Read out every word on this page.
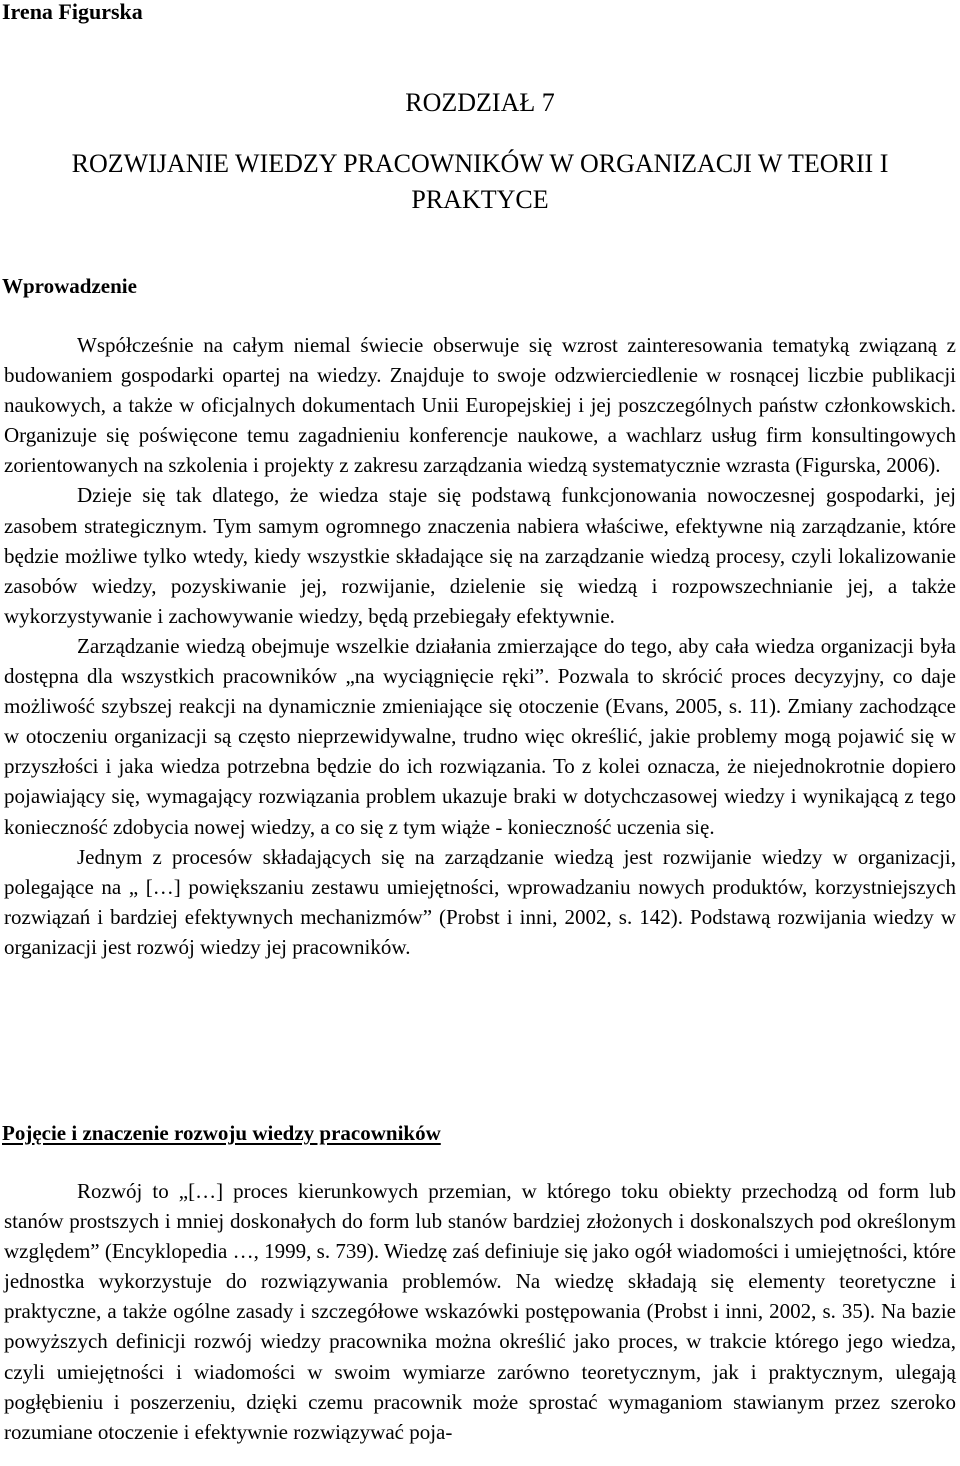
Irena Figurska

ROZDZIAŁ 7

ROZWIJANIE WIEDZY PRACOWNIKÓW W ORGANIZACJI W TEORII I PRAKTYCE

Wprowadzenie

Współcześnie na całym niemal świecie obserwuje się wzrost zainteresowania tematyką związaną z budowaniem gospodarki opartej na wiedzy. Znajduje to swoje odzwierciedlenie w rosnącej liczbie publikacji naukowych, a także w oficjalnych dokumentach Unii Europejskiej i jej poszczególnych państw członkowskich. Organizuje się poświęcone temu zagadnieniu konferencje naukowe, a wachlarz usług firm konsultingowych zorientowanych na szkolenia i projekty z zakresu zarządzania wiedzą systematycznie wzrasta (Figurska, 2006).

Dzieje się tak dlatego, że wiedza staje się podstawą funkcjonowania nowoczesnej gospodarki, jej zasobem strategicznym. Tym samym ogromnego znaczenia nabiera właściwe, efektywne nią zarządzanie, które będzie możliwe tylko wtedy, kiedy wszystkie składające się na zarządzanie wiedzą procesy, czyli lokalizowanie zasobów wiedzy, pozyskiwanie jej, rozwijanie, dzielenie się wiedzą i rozpowszechnianie jej, a także wykorzystywanie i zachowywanie wiedzy, będą przebiegały efektywnie.

Zarządzanie wiedzą obejmuje wszelkie działania zmierzające do tego, aby cała wiedza organizacji była dostępna dla wszystkich pracowników „na wyciągnięcie ręki”. Pozwala to skrócić proces decyzyjny, co daje możliwość szybszej reakcji na dynamicznie zmieniające się otoczenie (Evans, 2005, s. 11). Zmiany zachodzące w otoczeniu organizacji są często nieprzewidywalne, trudno więc określić, jakie problemy mogą pojawić się w przyszłości i jaka wiedza potrzebna będzie do ich rozwiązania. To z kolei oznacza, że niejednokrotnie dopiero pojawiający się, wymagający rozwiązania problem ukazuje braki w dotychczasowej wiedzy i wynikającą z tego konieczność zdobycia nowej wiedzy, a co się z tym wiąże - konieczność uczenia się.

Jednym z procesów składających się na zarządzanie wiedzą jest rozwijanie wiedzy w organizacji, polegające na „ […] powiększaniu zestawu umiejętności, wprowadzaniu nowych produktów, korzystniejszych rozwiązań i bardziej efektywnych mechanizmów” (Probst i inni, 2002, s. 142). Podstawą rozwijania wiedzy w organizacji jest rozwój wiedzy jej pracowników.

Pojęcie i znaczenie rozwoju wiedzy pracowników

Rozwój to „[…] proces kierunkowych przemian, w którego toku obiekty przechodzą od form lub stanów prostszych i mniej doskonałych do form lub stanów bardziej złożonych i doskonalszych pod określonym względem” (Encyklopedia …, 1999, s. 739). Wiedzę zaś definiuje się jako ogół wiadomości i umiejętności, które jednostka wykorzystuje do rozwiązywania problemów. Na wiedzę składają się elementy teoretyczne i praktyczne, a także ogólne zasady i szczegółowe wskazówki postępowania (Probst i inni, 2002, s. 35). Na bazie powyższych definicji rozwój wiedzy pracownika można określić jako proces, w trakcie którego jego wiedza, czyli umiejętności i wiadomości w swoim wymiarze zarówno teoretycznym, jak i praktycznym, ulegają pogłębieniu i poszerzeniu, dzięki czemu pracownik może sprostać wymaganiom stawianym przez szeroko rozumiane otoczenie i efektywnie rozwiązywać poja-
